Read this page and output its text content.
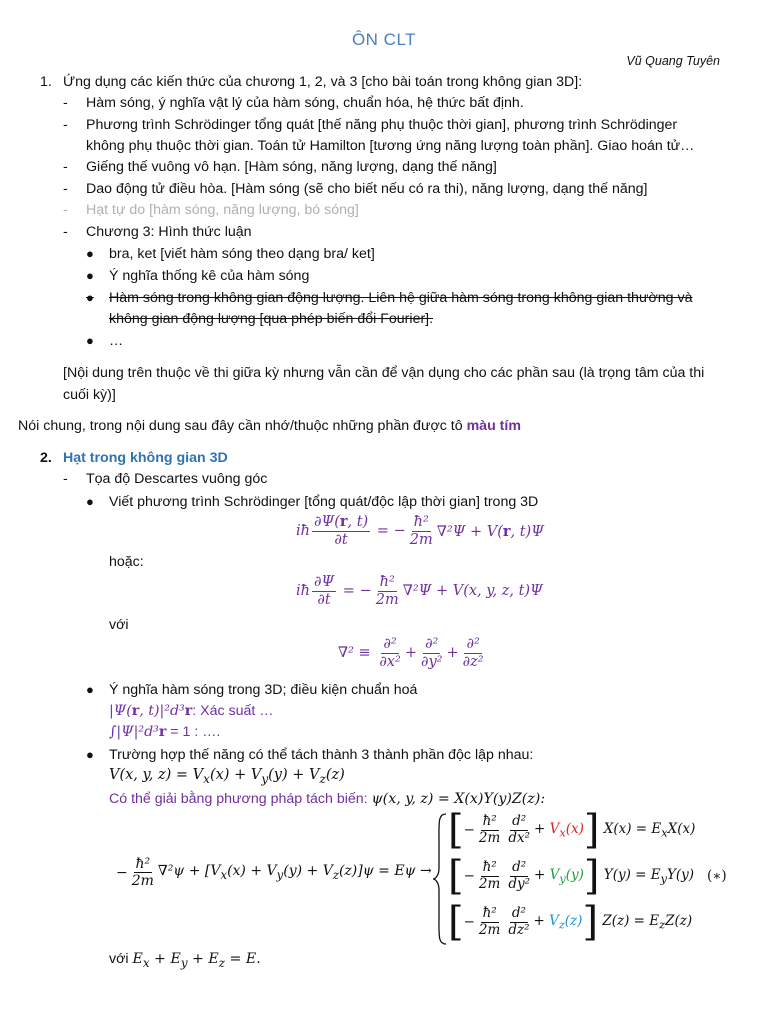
ÔN CLT
Vũ Quang Tuyên
1. Ứng dụng các kiến thức của chương 1, 2, và 3 [cho bài toán trong không gian 3D]:
- Hàm sóng, ý nghĩa vật lý của hàm sóng, chuẩn hóa, hệ thức bất định.
- Phương trình Schrödinger tổng quát [thế năng phụ thuộc thời gian], phương trình Schrödinger
không phụ thuộc thời gian. Toán tử Hamilton [tương ứng năng lượng toàn phần]. Giao hoán tử…
- Giếng thế vuông vô hạn. [Hàm sóng, năng lượng, dạng thế năng]
- Dao động tử điều hòa. [Hàm sóng (sẽ cho biết nếu có ra thi), năng lượng, dạng thế năng]
- Hạt tự do [hàm sóng, năng lượng, bó sóng]
- Chương 3: Hình thức luận
● bra, ket [viết hàm sóng theo dạng bra/ ket]
● Ý nghĩa thống kê của hàm sóng
● Hàm sóng trong không gian động lượng. Liên hệ giữa hàm sóng trong không gian thường và
không gian động lượng [qua phép biến đổi Fourier].
● …
[Nội dung trên thuộc về thi giữa kỳ nhưng vẫn cần để vận dụng cho các phần sau (là trọng tâm của thi
cuối kỳ)]
Nói chung, trong nội dung sau đây cần nhớ/thuộc những phần được tô màu tím
2. Hạt trong không gian 3D
- Tọa độ Descartes vuông góc
● Viết phương trình Schrödinger [tổng quát/độc lập thời gian] trong 3D
iħ $\frac{\partial\Psi(r, t)}{\partial t}$ = − $\frac{\text{ħ²}}{2m} \nabla^2\Psi + V(r$, t)Ψ
hoặc:
iħ $\frac{\partial\Psi}{\partial t}$ = − $\frac{\text{ħ²}}{2m} \nabla^2\Psi + V(x$, y, z, t)Ψ
với
$\nabla^2 \equiv \frac{\text{∂²}}{\text{∂x²}} + \frac{\text{∂²}}{\text{∂y²}} + \frac{\text{∂²}}{\text{∂z²}}$
● Ý nghĩa hàm sóng trong 3D; điều kiện chuẩn hoá
|Ψ(r, t)|²d³r: Xác suất …
∫|Ψ|²d³r = 1 : ….
● Trường hợp thế năng có thể tách thành 3 thành phần độc lập nhau:
V(x, y, $z) = V_x(x) + V_y(y) + V_z(z)$
Có thể giải bằng phương pháp tách biến: ψ(x, y, z) = X(x)Y(y)Z(z):
− $\frac{\text{ħ²}}{2m} \nabla^2\psi + [V_x(x) + V_y(y) + V_z(z)]\psi = E\psi$ →
[ − $\frac{\text{ħ²}}{2m} \frac{\text{d²}}{\text{dx²}} + V_x(x)$ ] $X(x) = E_xX(x)$
[ − $\frac{\text{ħ²}}{2m} \frac{\text{d²}}{\text{dy²}} + V_y(y)$ ] $Y(y) = E_yY(y)$ (∗)
[ − $\frac{\text{ħ²}}{2m} \frac{\text{d²}}{\text{dz²}} + V_z(z)$ ] $Z(z) = E_zZ(z)$
với $E_x + E_y + E_z = E$.
